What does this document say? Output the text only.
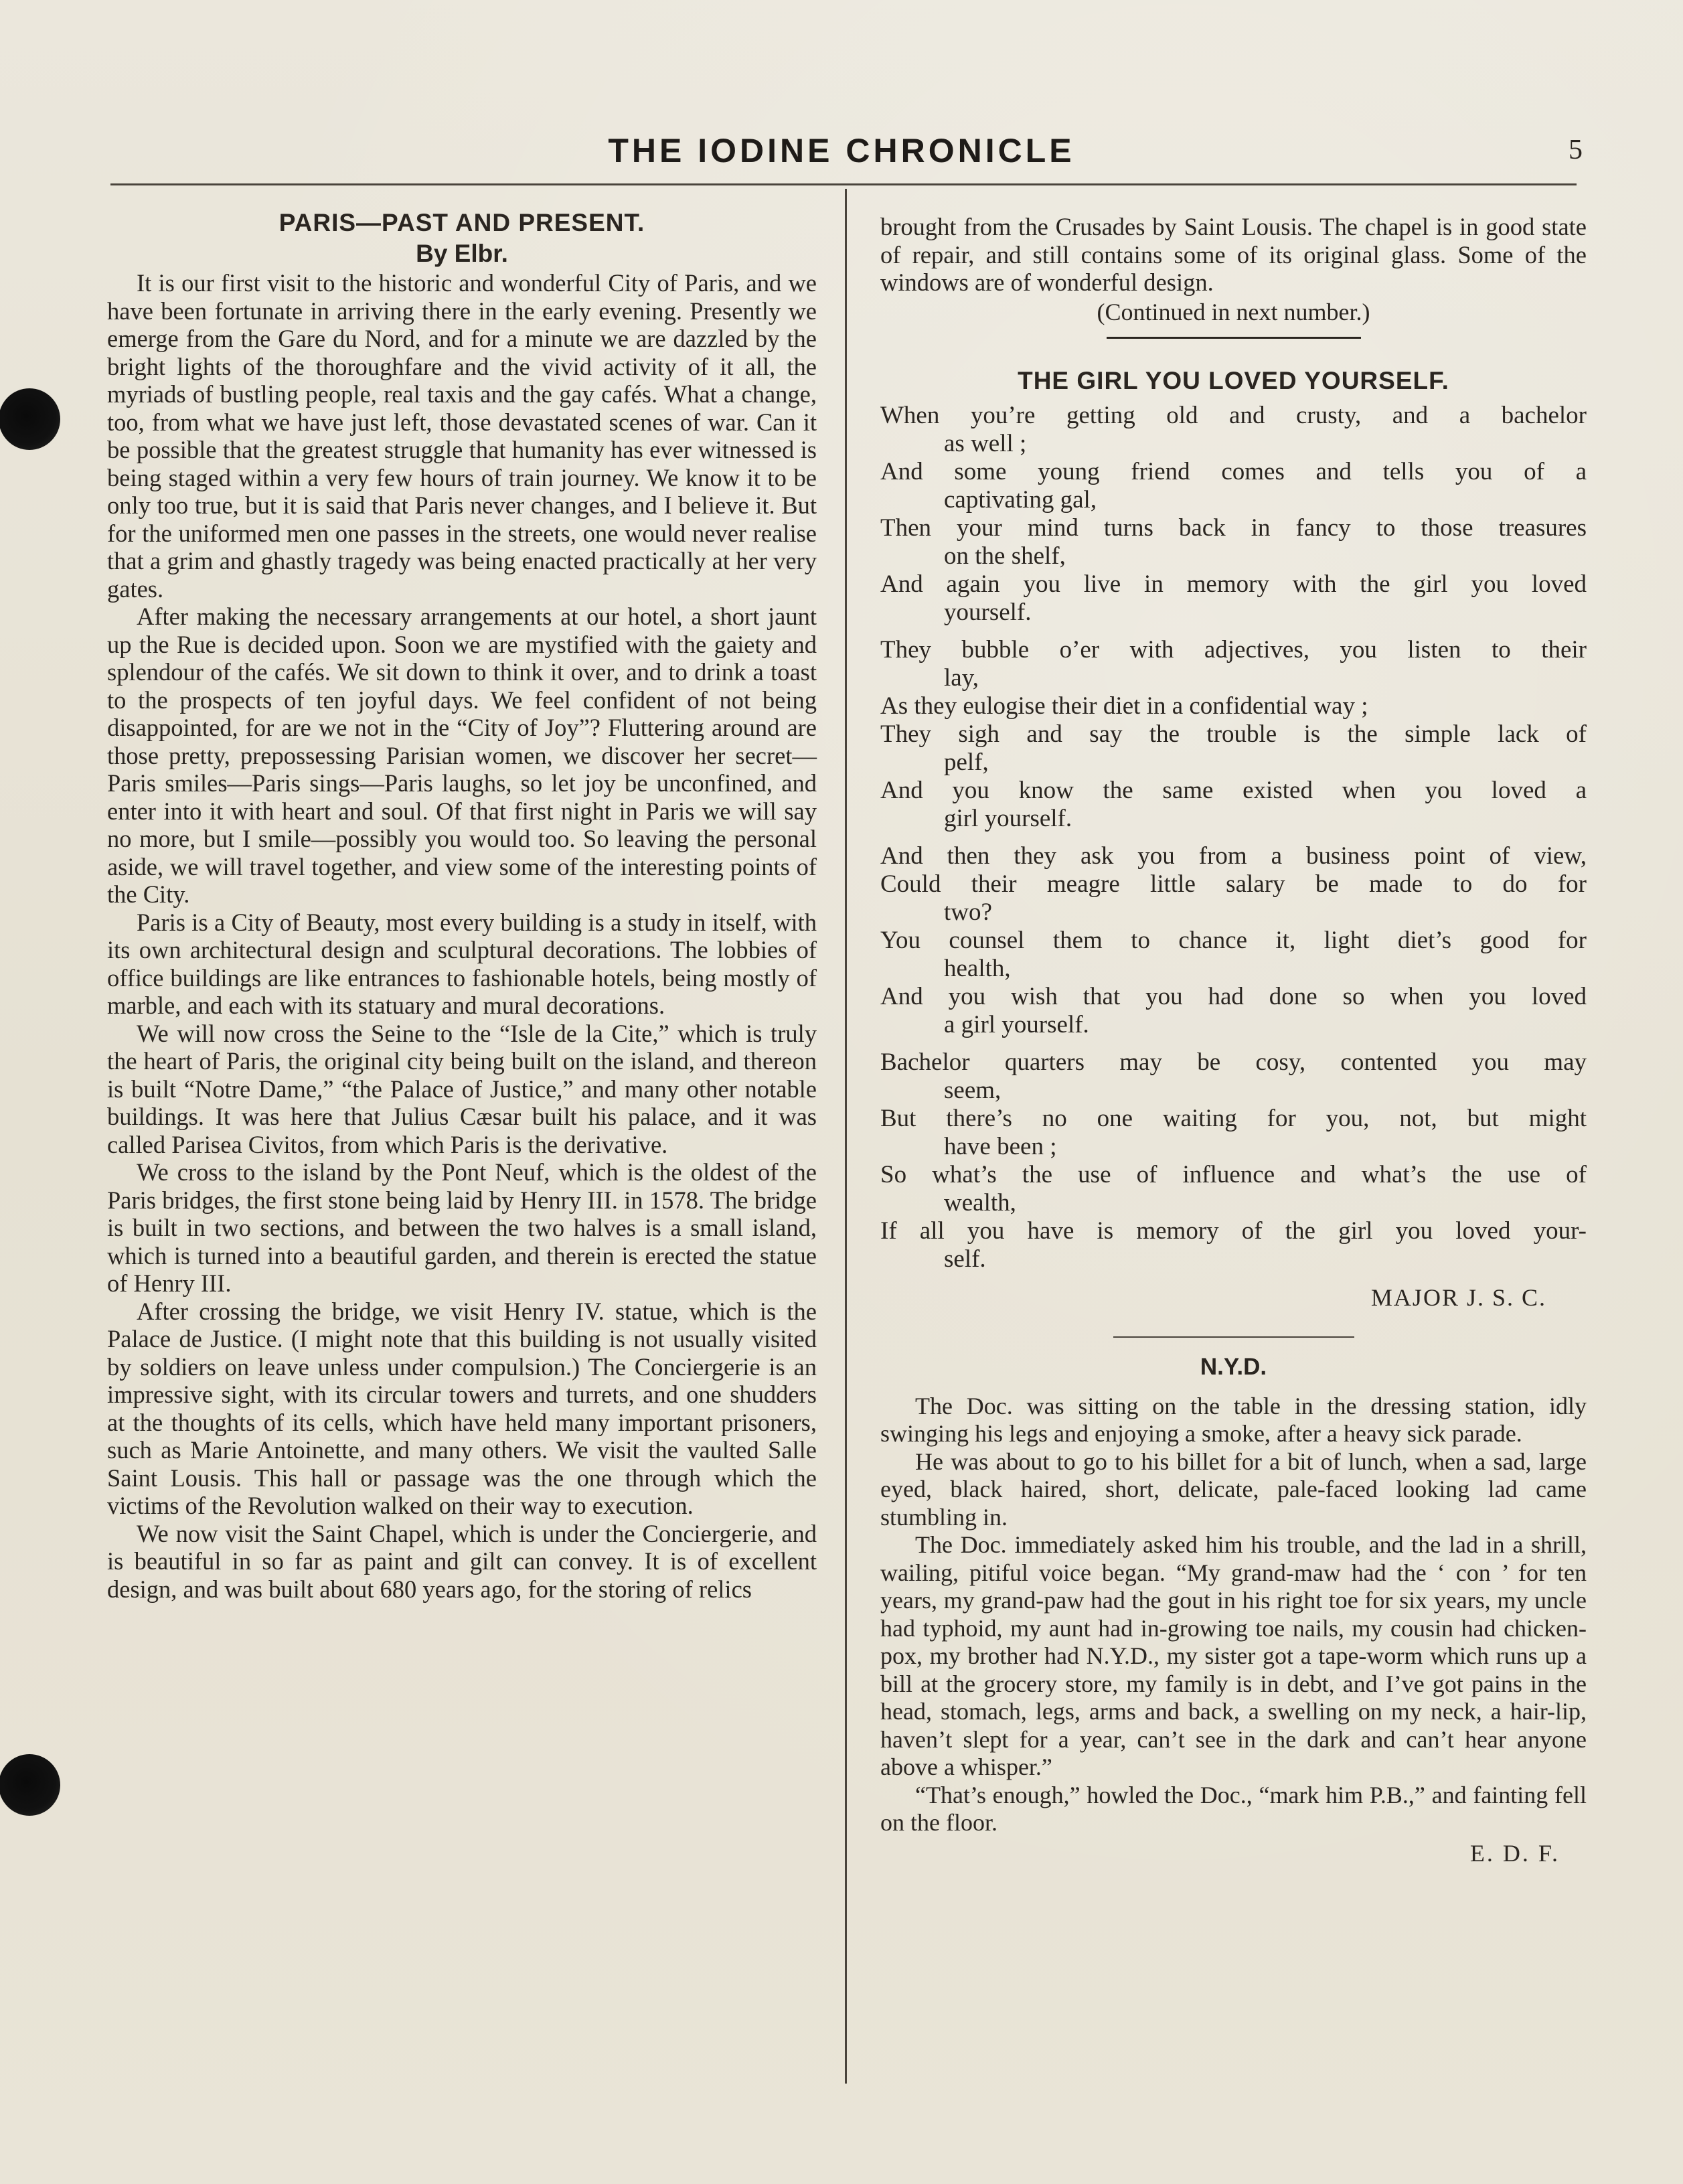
THE IODINE CHRONICLE	5
PARIS—PAST AND PRESENT.
By Elbr.

It is our first visit to the historic and wonderful City of Paris, and we have been fortunate in arriving there in the early evening. Presently we emerge from the Gare du Nord, and for a minute we are dazzled by the bright lights of the thoroughfare and the vivid activity of it all, the myriads of bustling people, real taxis and the gay cafés. What a change, too, from what we have just left, those devastated scenes of war. Can it be possible that the greatest struggle that humanity has ever witnessed is being staged within a very few hours of train journey. We know it to be only too true, but it is said that Paris never changes, and I believe it. But for the uniformed men one passes in the streets, one would never realise that a grim and ghastly tragedy was being enacted practically at her very gates.

After making the necessary arrangements at our hotel, a short jaunt up the Rue is decided upon. Soon we are mystified with the gaiety and splendour of the cafés. We sit down to think it over, and to drink a toast to the prospects of ten joyful days. We feel confident of not being disappointed, for are we not in the “City of Joy”? Fluttering around are those pretty, prepossessing Parisian women, we discover her secret—Paris smiles—Paris sings—Paris laughs, so let joy be unconfined, and enter into it with heart and soul. Of that first night in Paris we will say no more, but I smile—possibly you would too. So leaving the personal aside, we will travel together, and view some of the interesting points of the City.

Paris is a City of Beauty, most every building is a study in itself, with its own architectural design and sculptural decorations. The lobbies of office buildings are like entrances to fashionable hotels, being mostly of marble, and each with its statuary and mural decorations.

We will now cross the Seine to the “Isle de la Cite,” which is truly the heart of Paris, the original city being built on the island, and thereon is built “Notre Dame,” “the Palace of Justice,” and many other notable buildings. It was here that Julius Cæsar built his palace, and it was called Parisea Civitos, from which Paris is the derivative.

We cross to the island by the Pont Neuf, which is the oldest of the Paris bridges, the first stone being laid by Henry III. in 1578. The bridge is built in two sections, and between the two halves is a small island, which is turned into a beautiful garden, and therein is erected the statue of Henry III.

After crossing the bridge, we visit Henry IV. statue, which is the Palace de Justice. (I might note that this building is not usually visited by soldiers on leave unless under compulsion.) The Conciergerie is an impressive sight, with its circular towers and turrets, and one shudders at the thoughts of its cells, which have held many important prisoners, such as Marie Antoinette, and many others. We visit the vaulted Salle Saint Lousis. This hall or passage was the one through which the victims of the Revolution walked on their way to execution.

We now visit the Saint Chapel, which is under the Conciergerie, and is beautiful in so far as paint and gilt can convey. It is of excellent design, and was built about 680 years ago, for the storing of relics

brought from the Crusades by Saint Lousis. The chapel is in good state of repair, and still contains some of its original glass. Some of the windows are of wonderful design.

(Continued in next number.)
THE GIRL YOU LOVED YOURSELF.
When you’re getting old and crusty, and a bachelor
as well ;
And some young friend comes and tells you of a
captivating gal,
Then your mind turns back in fancy to those treasures
on the shelf,
And again you live in memory with the girl you loved
yourself.
They bubble o’er with adjectives, you listen to their
lay,
As they eulogise their diet in a confidential way ;
They sigh and say the trouble is the simple lack of
pelf,
And you know the same existed when you loved a
girl yourself.
And then they ask you from a business point of view,
Could their meagre little salary be made to do for
two?
You counsel them to chance it, light diet’s good for
health,
And you wish that you had done so when you loved
a girl yourself.
Bachelor quarters may be cosy, contented you may
seem,
But there’s no one waiting for you, not, but might
have been ;
So what’s the use of influence and what’s the use of
wealth,
If all you have is memory of the girl you loved your-
self.
MAJOR J. S. C.
N.Y.D.

The Doc. was sitting on the table in the dressing station, idly swinging his legs and enjoying a smoke, after a heavy sick parade.

He was about to go to his billet for a bit of lunch, when a sad, large eyed, black haired, short, delicate, pale-faced looking lad came stumbling in.

The Doc. immediately asked him his trouble, and the lad in a shrill, wailing, pitiful voice began. “My grand-maw had the ‘ con ’ for ten years, my grand-paw had the gout in his right toe for six years, my uncle had typhoid, my aunt had in-growing toe nails, my cousin had chicken-pox, my brother had N.Y.D., my sister got a tape-worm which runs up a bill at the grocery store, my family is in debt, and I’ve got pains in the head, stomach, legs, arms and back, a swelling on my neck, a hair-lip, haven’t slept for a year, can’t see in the dark and can’t hear anyone above a whisper.”

“That’s enough,” howled the Doc., “mark him P.B.,” and fainting fell on the floor.

E. D. F.
